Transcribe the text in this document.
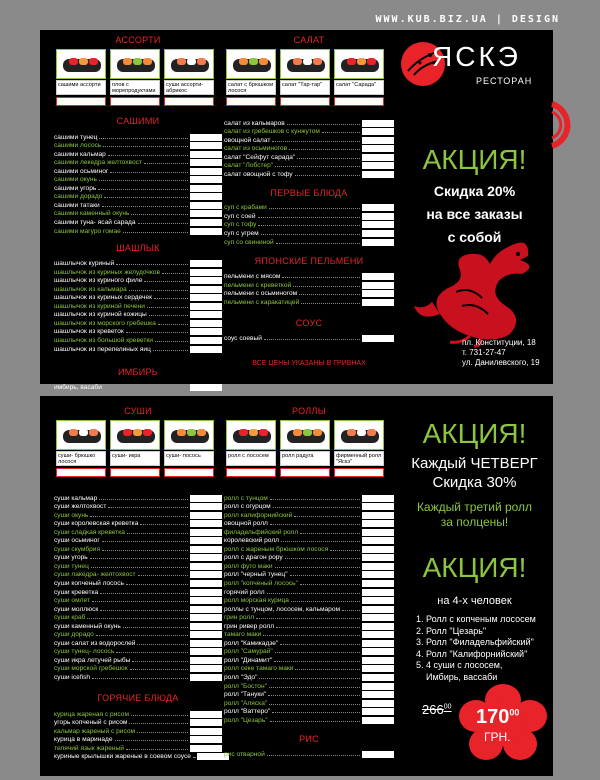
WWW.KUB.BIZ.UA | DESIGN
АССОРТИ
сашими ассорти	плов с морепродуктами
суши ассорти-абрикос
САШИМИ
сашими тунец
сашими лосось
сашими кальмар
сашими лекедра желтохвост
сашими осьминог
сашими окунь
сашими угорь
сашими дорадо
сашими татаки
сашими каменный окунь
сашими туна- ясай сарада
сашими магуро гомае
ШАШЛЫК
шашлычок куриный
шашлычок из куриных желудочков
шашлычок из куриного филе
шашлычок из кальмара
шашлычок из куриных сердечек
шашлычок из куриной печени
шашлычок из куриной кожицы
шашлычок из морского гребешка
шашлычок из креветок
шашлычок из большой креветки
шашлычок из перепелиных яиц
ИМБИРЬ
имбирь, васаби
САЛАТ
салат с брюшком лосося
салат "Тар-тар"	салат "Сарада"
салат из кальмаров
салат из гребешков с кунжутом
овощной салат
салат из осьминогов
салат "Сейфут сарада"
салат "Лобстер"
салат овощной с тофу
ПЕРВЫЕ БЛЮДА
суп с крабами
суп с соей
суп с тофу
суп с угрем
суп со свининой
ЯПОНСКИЕ ПЕЛЬМЕНИ
пельмени с мясом
пельмени с креветкой
пельмени с осьминогом
пельмени с каракатицей
СОУС
соус соевый
ВСЕ ЦЕНЫ УКАЗАНЫ В ГРИВНАХ
ЯСКЭ
РЕСТОРАН
АКЦИЯ!
Скидка 20%
на все заказы
с собой
пл. Конституции, 18
т. 731-27-47
ул. Данилевского, 19
СУШИ
суши- брюшко лосося
суши- икра	суши- лосось
суши кальмар
суши желтохвост
суши окунь
суши королевская креветка
суши сладкая креветка
суши осьминог
суши скумбрия
суши угорь
суши тунец
суши лакедра- желтохвост
суши копченый лосось
суши креветка
суши омлет
суши моллюск
суши краб
суши каменный окунь
суши дорадо
суши салат из водорослей
суши тунец- лосось
суши икра летучей рыбы
суши морской гребешок
суши icefish
ГОРЯЧИЕ БЛЮДА
курица жареная с рисом
угорь копченый с рисом
кальмар жареный с рисом
курица в маринаде
телячий язык жареный
куриные крылышки жареные в соевом соусе
РОЛЛЫ
ролл с лососем	ролл радуга	фирменный ролл "Яскэ"
ролл с тунцом
ролл с огурцом
ролл калифорнийский
овощной ролл
филадельфийский ролл
королевский ролл
ролл с жареным брюшком лосося
ролл с драгон рору
ролл футо маки
ролл "черный тунец"
ролл "копченый лосось"
горячий ролл
ролл морская курица
роллы с тунцом, лососем, кальмаром
грин ролл
грин ривер ролл
тамаго маки
ролл "Камикадзе"
ролл "Самурай"
ролл "Динамит"
ролл секе тамаго маки
ролл "Эдо"
ролл "Бостон"
ролл "Тануки"
ролл "Аляска"
ролл "Ваттеро"
ролл "Цезарь"
РИС
рис отварной
АКЦИЯ!
Каждый ЧЕТВЕРГ
Скидка 30%
Каждый третий ролл
за полцены!
АКЦИЯ!
на 4-х человек
1. Ролл с копченым лососем
2. Ролл "Цезарь"
3. Ролл "Филадельфийский"
4. Ролл "Калифорнийский"
5. 4 суши с лососем,
Имбирь, вассаби
$266^{00}$ $170^{00}$
ГРН.
